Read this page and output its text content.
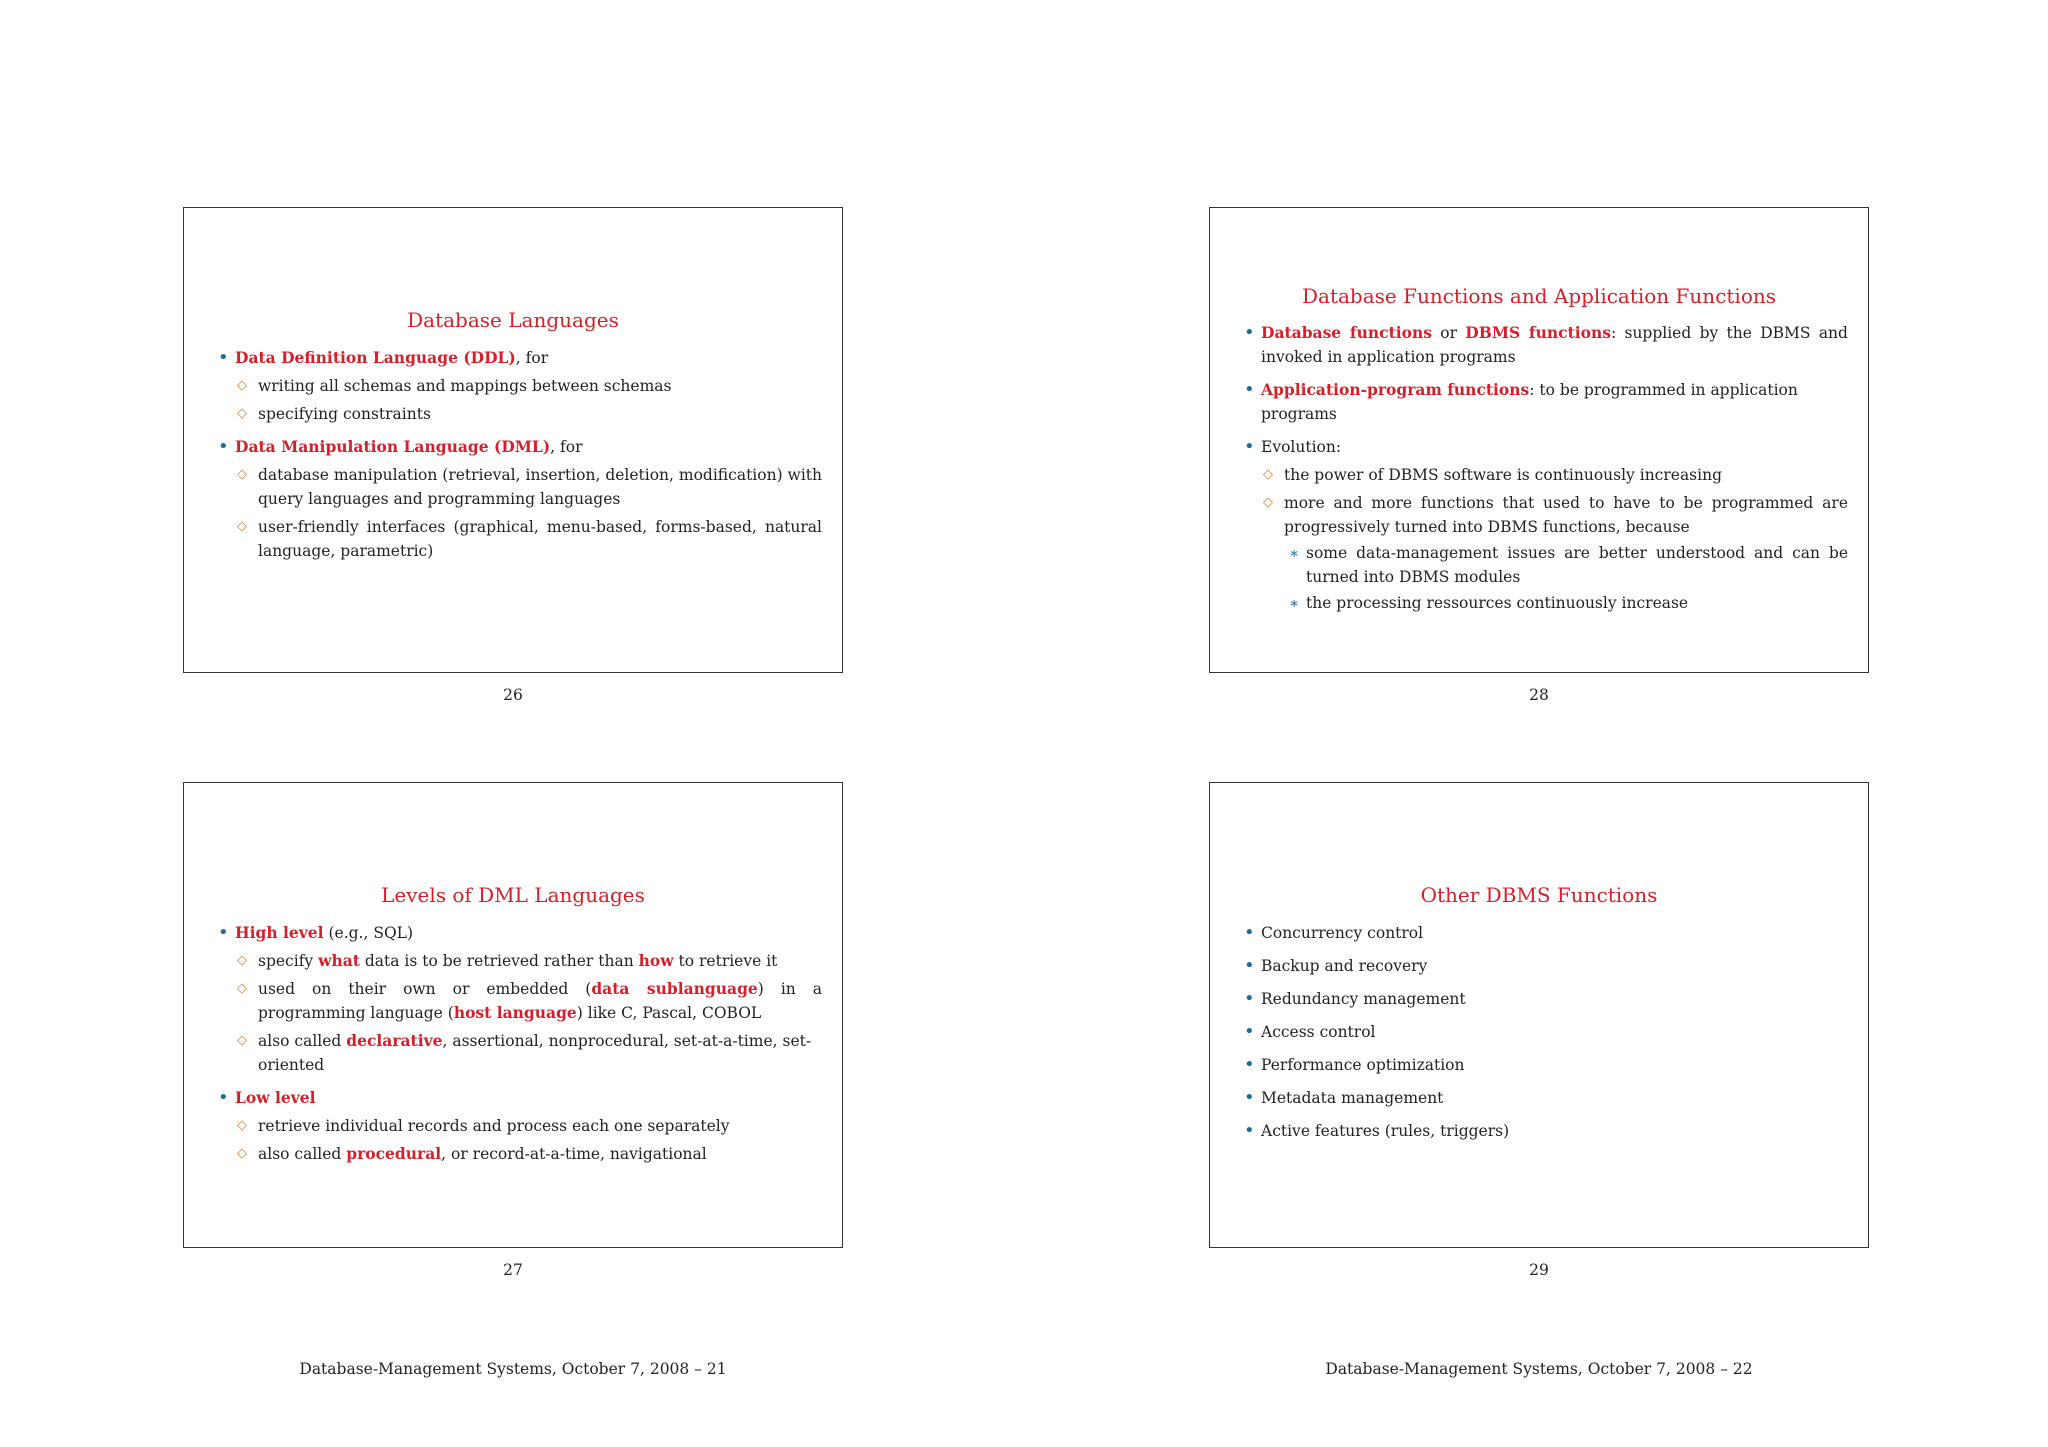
Database Languages
• Data Definition Language (DDL), for
◇ writing all schemas and mappings between schemas
◇ specifying constraints
• Data Manipulation Language (DML), for
◇ database manipulation (retrieval, insertion, deletion, modification) with query languages and programming languages
◇ user-friendly interfaces (graphical, menu-based, forms-based, natural language, parametric)
26
Database Functions and Application Functions
• Database functions or DBMS functions: supplied by the DBMS and invoked in application programs
• Application-program functions: to be programmed in application programs
• Evolution:
◇ the power of DBMS software is continuously increasing
◇ more and more functions that used to have to be programmed are progressively turned into DBMS functions, because
∗ some data-management issues are better understood and can be turned into DBMS modules
∗ the processing ressources continuously increase
28
Levels of DML Languages
• High level (e.g., SQL)
◇ specify what data is to be retrieved rather than how to retrieve it
◇ used on their own or embedded (data sublanguage) in a programming language (host language) like C, Pascal, COBOL
◇ also called declarative, assertional, nonprocedural, set-at-a-time, set-oriented
• Low level
◇ retrieve individual records and process each one separately
◇ also called procedural, or record-at-a-time, navigational
27
Other DBMS Functions
• Concurrency control
• Backup and recovery
• Redundancy management
• Access control
• Performance optimization
• Metadata management
• Active features (rules, triggers)
29
Database-Management Systems, October 7, 2008 – 21	Database-Management Systems, October 7, 2008 – 22
